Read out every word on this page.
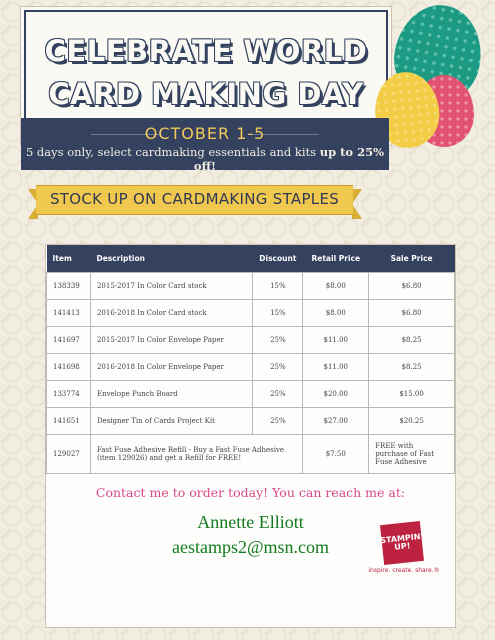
CELEBRATE WORLD
CARD MAKING DAY
OCTOBER 1-5
5 days only, select cardmaking essentials and kits up to 25% off!
STOCK UP ON CARDMAKING STAPLES
Item	Description	Discount	Retail Price	Sale Price
138339	2015-2017 In Color Card stock	15%	$8.00	$6.80
141413	2016-2018 In Color Card stock	15%	$8.00	$6.80
141697	2015-2017 In Color Envelope Paper	25%	$11.00	$8.25
141698	2016-2018 In Color Envelope Paper	25%	$11.00	$8.25
133774	Envelope Punch Board	25%	$20.00	$15.00
141651	Designer Tin of Cards Project Kit	25%	$27.00	$20.25
129027	Fast Fuse Adhesive Refill - Buy a Fast Fuse Adhesive (item 129026) and get a Refill for FREE!		$7.50	FREE with purchase of Fast Fuse Adhesive
Contact me to order today! You can reach me at:
Annette Elliott
aestamps2@msn.com	STAMPIN' UP!
inspire. create. share.®
